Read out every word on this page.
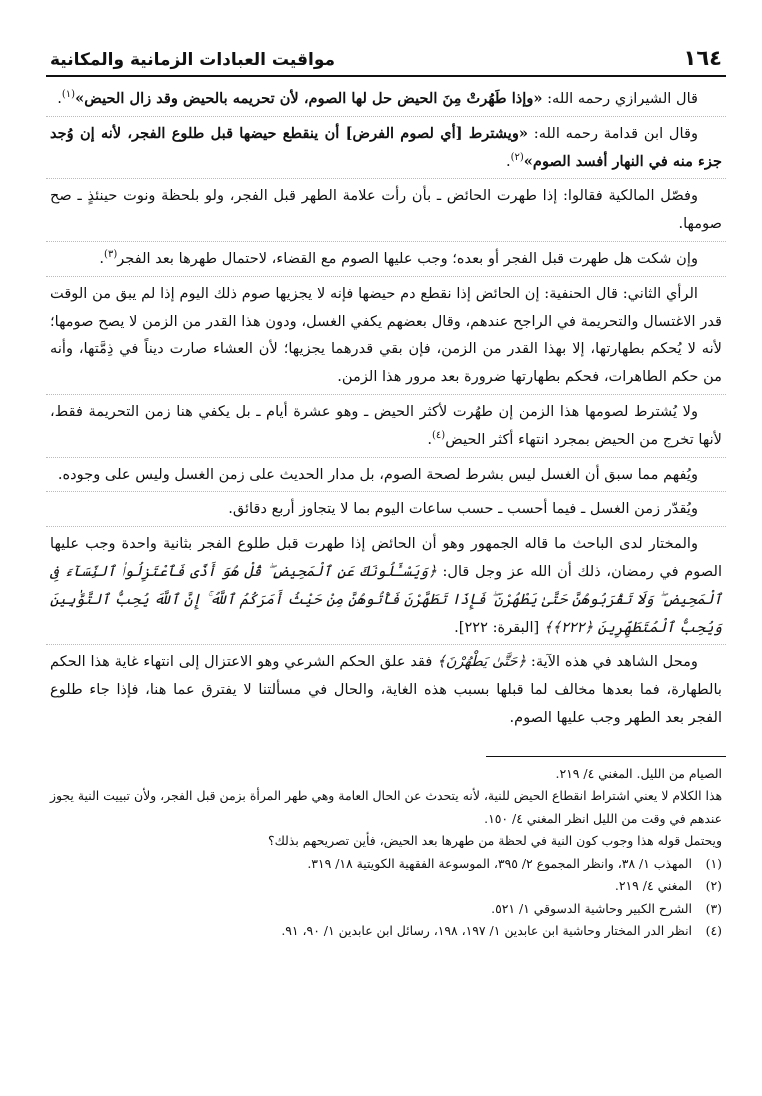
١٦٤
مواقيت العبادات الزمانية والمكانية

قال الشيرازي رحمه الله: «وإذا طَهُرتْ مِنَ الحيض حل لها الصوم، لأن تحريمه بالحيض وقد زال الحيض»$^{(١)}$.

وقال ابن قدامة رحمه الله: «ويشترط [أي لصوم الفرض] أن ينقطع حيضها قبل طلوع الفجر، لأنه إن وُجد جزء منه في النهار أفسد الصوم»$^{(٢)}$.

وفصّل المالكية فقالوا: إذا طهرت الحائض ـ بأن رأت علامة الطهر قبل الفجر، ولو بلحظة ونوت حينئذٍ ـ صح صومها.

وإن شكت هل طهرت قبل الفجر أو بعده؛ وجب عليها الصوم مع القضاء، لاحتمال طهرها بعد الفجر$^{(٣)}$.

الرأي الثاني: قال الحنفية: إن الحائض إذا نقطع دم حيضها فإنه لا يجزيها صوم ذلك اليوم إذا لم يبق من الوقت قدر الاغتسال والتحريمة في الراجح عندهم، وقال بعضهم يكفي الغسل، ودون هذا القدر من الزمن لا يصح صومها؛ لأنه لا يُحكم بطهارتها، إلا بهذا القدر من الزمن، فإن بقي قدرهما يجزيها؛ لأن العشاء صارت ديناً في ذِمَّتها، وأنه من حكم الطاهرات، فحكم بطهارتها ضرورة بعد مرور هذا الزمن.

ولا يُشترط لصومها هذا الزمن إن طهُرت لأكثر الحيض ـ وهو عشرة أيام ـ بل يكفي هنا زمن التحريمة فقط، لأنها تخرج من الحيض بمجرد انتهاء أكثر الحيض$^{(٤)}$.

ويُفهم مما سبق أن الغسل ليس بشرط لصحة الصوم، بل مدار الحديث على زمن الغسل وليس على وجوده.

ويُقدّر زمن الغسل ـ فيما أحسب ـ حسب ساعات اليوم بما لا يتجاوز أربع دقائق.

والمختار لدى الباحث ما قاله الجمهور وهو أن الحائض إذا طهرت قبل طلوع الفجر بثانية واحدة وجب عليها الصوم في رمضان، ذلك أن الله عز وجل قال: ﴿وَيَسْـَٔلُونَكَ عَنِ ٱلْمَحِيضِ ۖ قُلْ هُوَ أَذًى فَٱعْتَزِلُوا۟ ٱلنِّسَآءَ فِى ٱلْمَحِيضِ ۖ وَلَا تَقْرَبُوهُنَّ حَتَّىٰ يَطْهُرْنَ ۖ فَإِذَا تَطَهَّرْنَ فَأْتُوهُنَّ مِنْ حَيْثُ أَمَرَكُمُ ٱللَّهُ ۚ إِنَّ ٱللَّهَ يُحِبُّ ٱلتَّوَّٰبِينَ وَيُحِبُّ ٱلْمُتَطَهِّرِينَ ﴿٢٢٢﴾﴾ [البقرة: ٢٢٢].

ومحل الشاهد في هذه الآية: ﴿حَتَّىٰ يَطْهُرْنَ﴾ فقد علق الحكم الشرعي وهو الاعتزال إلى انتهاء غاية هذا الحكم بالطهارة، فما بعدها مخالف لما قبلها بسبب هذه الغاية، والحال في مسألتنا لا يفترق عما هنا، فإذا جاء طلوع الفجر بعد الطهر وجب عليها الصوم.

الصيام من الليل. المغني ٤/ ٢١٩.

هذا الكلام لا يعني اشتراط انقطاع الحيض للنية، لأنه يتحدث عن الحال العامة وهي طهر المرأة بزمن قبل الفجر، ولأن تبييت النية يجوز عندهم في وقت من الليل انظر المغني ٤/ ١٥٠.

ويحتمل قوله هذا وجوب كون النية في لحظة من طهرها بعد الحيض، فأين تصريحهم بذلك؟

(١)
المهذب ١/ ٣٨، وانظر المجموع ٢/ ٣٩٥، الموسوعة الفقهية الكويتية ١٨/ ٣١٩.
(٢)
المغني ٤/ ٢١٩.
(٣)
الشرح الكبير وحاشية الدسوقي ١/ ٥٢١.
(٤)
انظر الدر المختار وحاشية ابن عابدين ١/ ١٩٧، ١٩٨، رسائل ابن عابدين ١/ ٩٠، ٩١.
